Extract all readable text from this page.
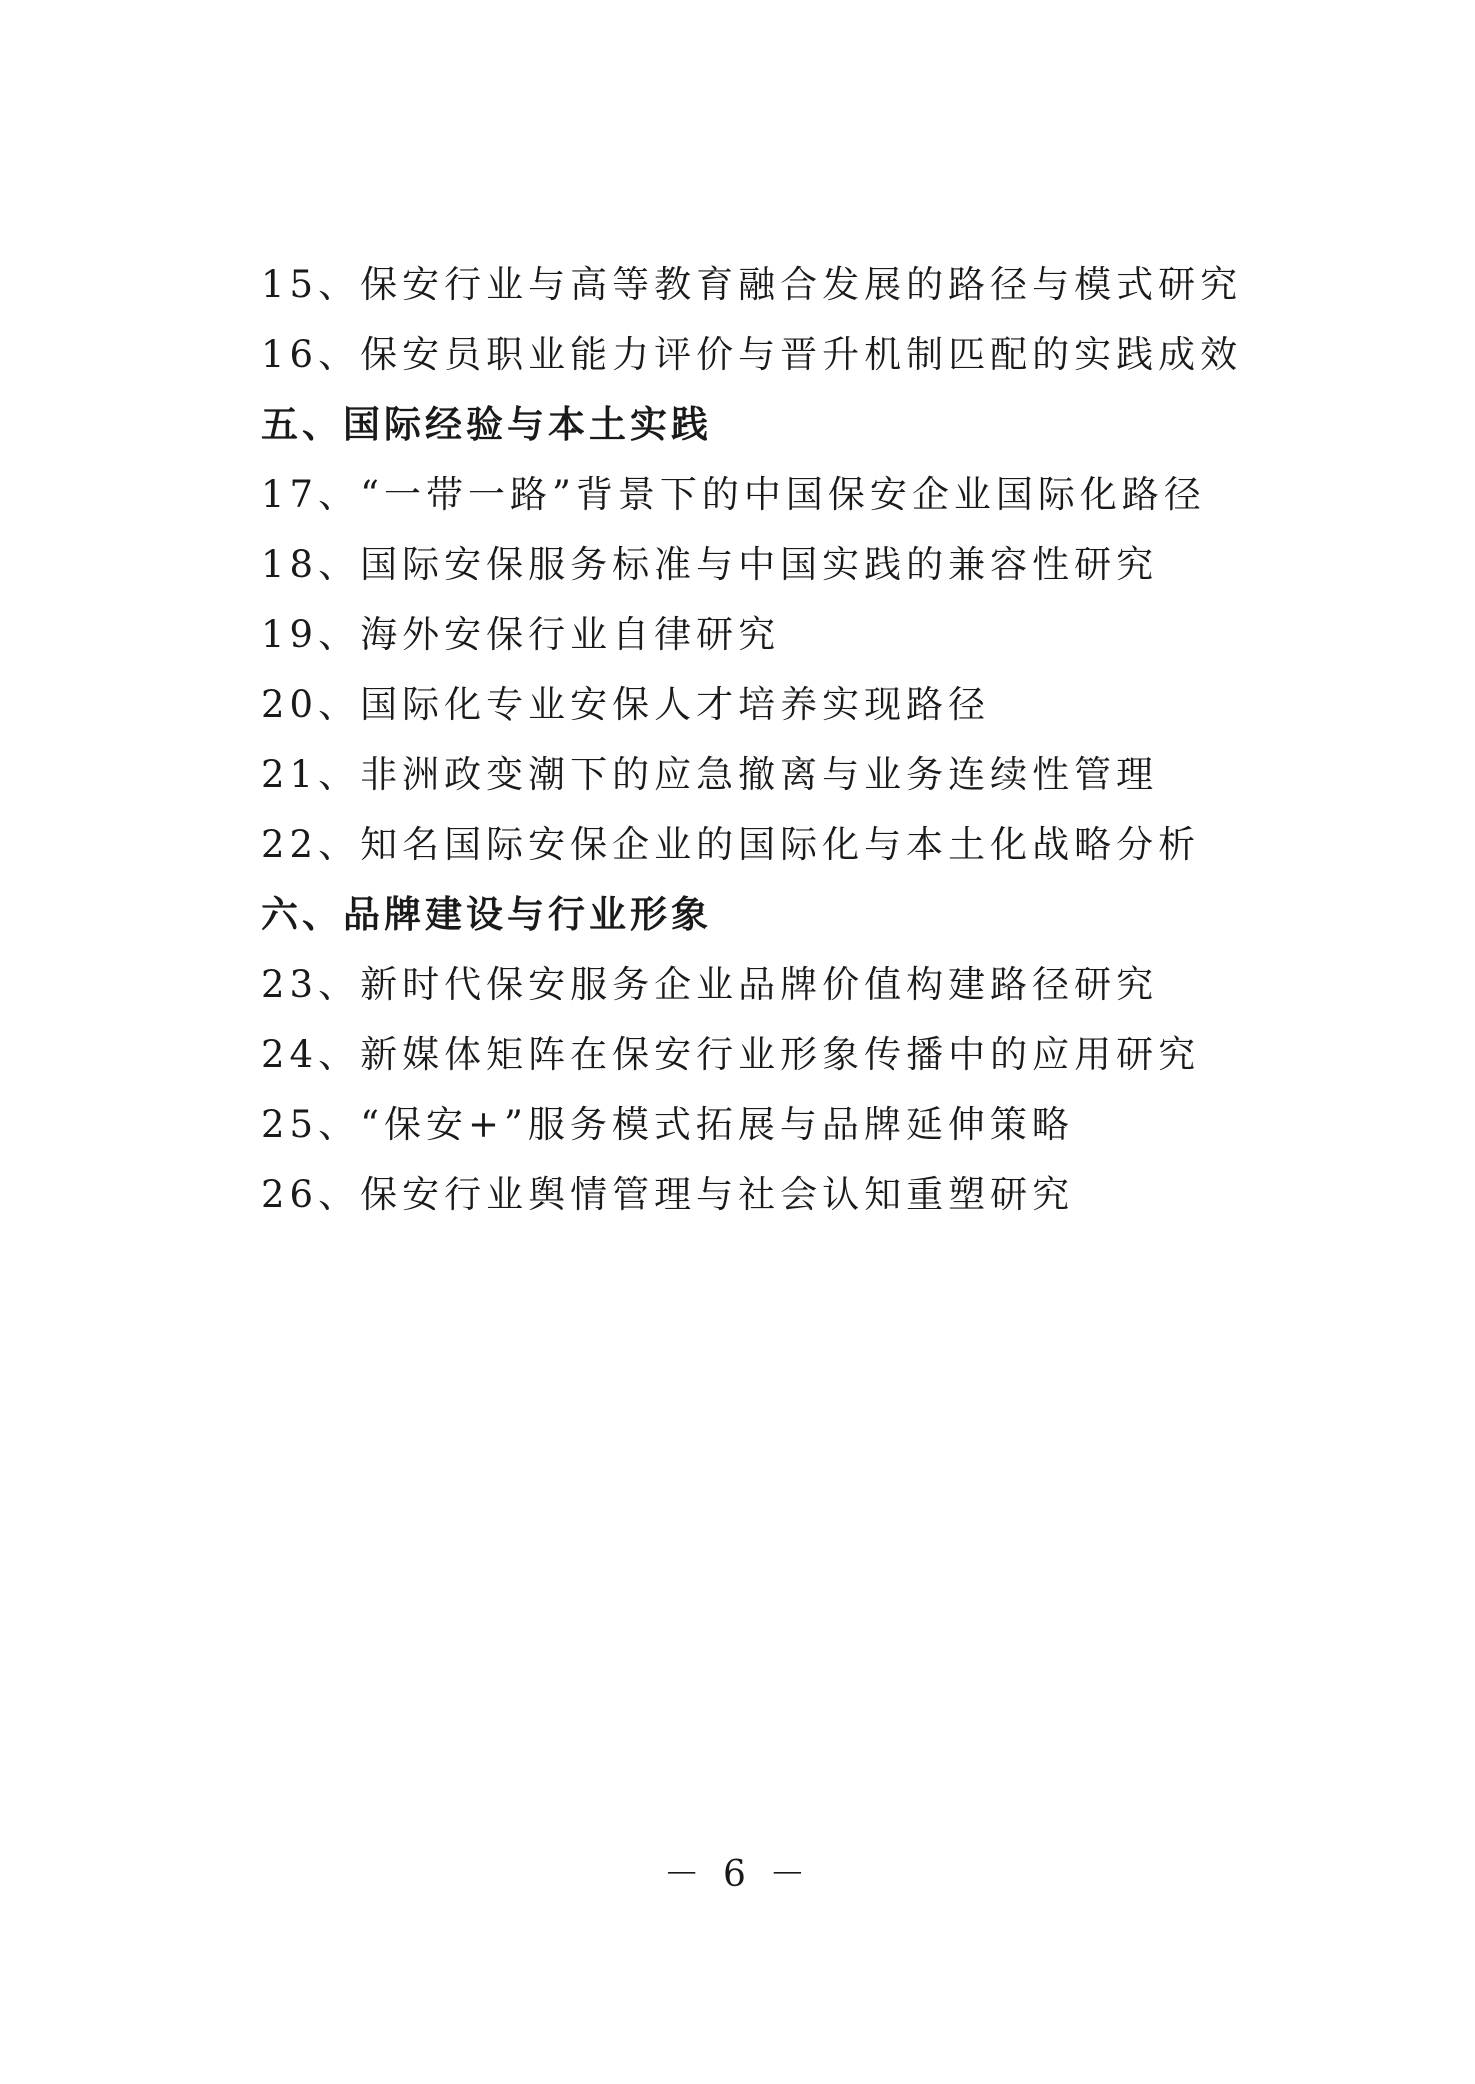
15、保安行业与高等教育融合发展的路径与模式研究
16、保安员职业能力评价与晋升机制匹配的实践成效
五、国际经验与本土实践
17、“一带一路”背景下的中国保安企业国际化路径
18、国际安保服务标准与中国实践的兼容性研究
19、海外安保行业自律研究
20、国际化专业安保人才培养实现路径
21、非洲政变潮下的应急撤离与业务连续性管理
22、知名国际安保企业的国际化与本土化战略分析
六、品牌建设与行业形象
23、新时代保安服务企业品牌价值构建路径研究
24、新媒体矩阵在保安行业形象传播中的应用研究
25、“保安+”服务模式拓展与品牌延伸策略
26、保安行业舆情管理与社会认知重塑研究
－ 6 －
